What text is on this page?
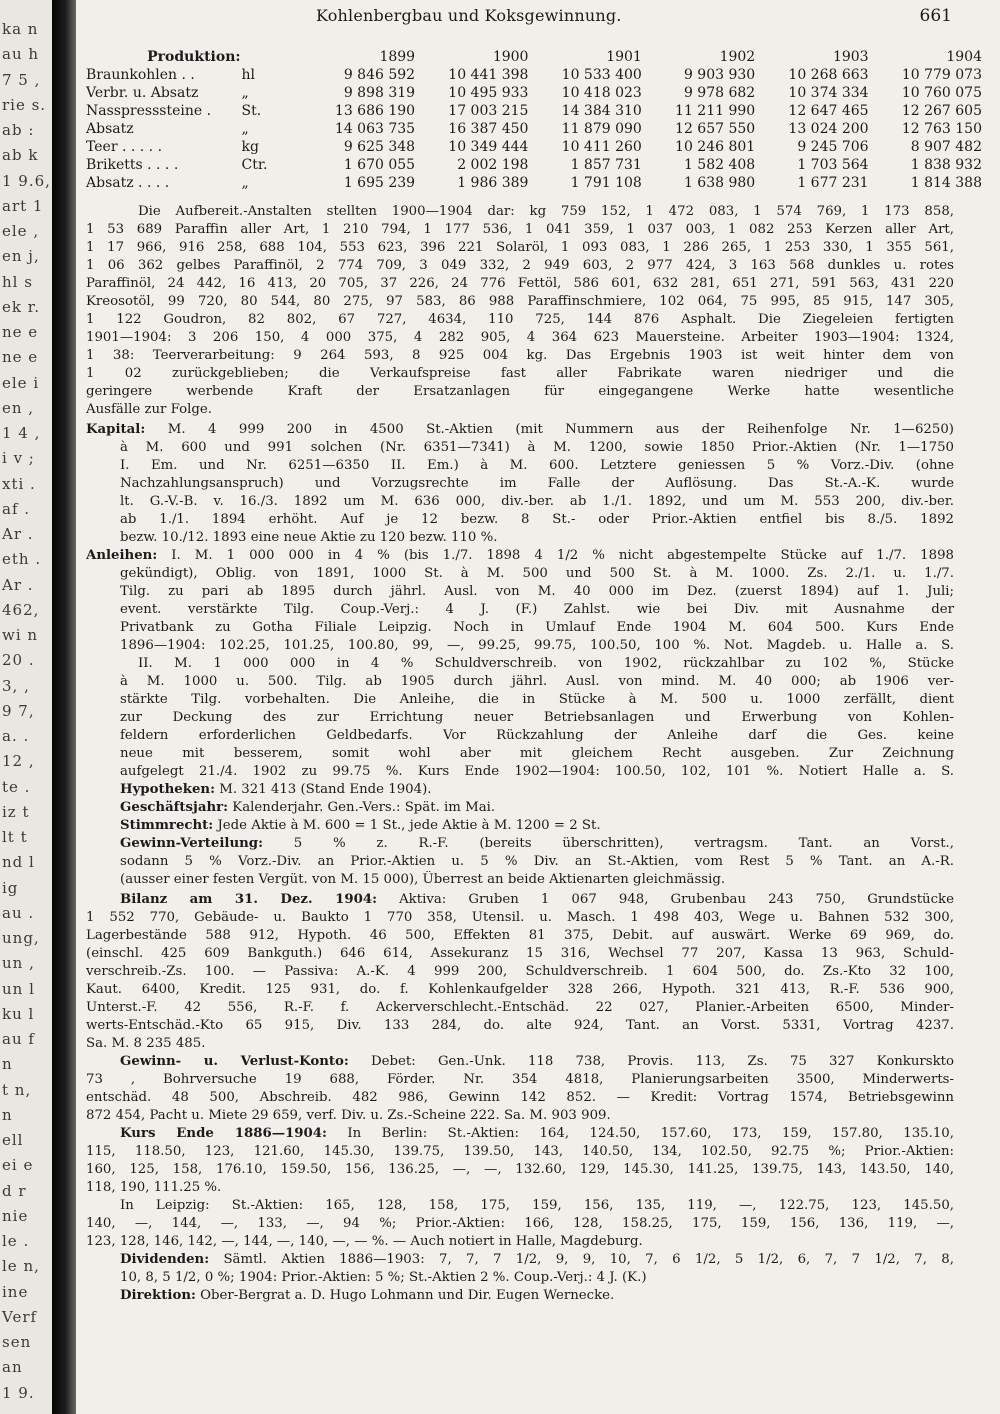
ka n
au h
7 5 ,
rie s.
ab :
ab k
1 9.6,
art 1
ele ,
en j,
hl s
ek r.
ne e
ne e
ele i
en ,
1 4 ,
i v ;
xti .
af .
Ar .
eth .
Ar .
462,
wi n
20 .
3, ,
9 7,
a. .
12 ,
te .
iz t
lt t
nd l
ig
au .
ung,
un ,
un l
ku l
au f
n
t n,
n
ell
ei e
d r
nie
le .
le n,
ine
Verf
sen
an
1 9.
Kohlenbergbau und Koksgewinnung.	661
Produktion:		1899	1900	1901	1902	1903	1904
Braunkohlen . .	hl	9 846 592	10 441 398	10 533 400	9 903 930	10 268 663	10 779 073
Verbr. u. Absatz	„	9 898 319	10 495 933	10 418 023	9 978 682	10 374 334	10 760 075
Nasspresssteine .	St.	13 686 190	17 003 215	14 384 310	11 211 990	12 647 465	12 267 605
Absatz	„	14 063 735	16 387 450	11 879 090	12 657 550	13 024 200	12 763 150
Teer . . . . .	kg	9 625 348	10 349 444	10 411 260	10 246 801	9 245 706	8 907 482
Briketts . . . .	Ctr.	1 670 055	2 002 198	1 857 731	1 582 408	1 703 564	1 838 932
Absatz . . . .	„	1 695 239	1 986 389	1 791 108	1 638 980	1 677 231	1 814 388
Die Aufbereit.-Anstalten stellten 1900—1904 dar: kg 759 152, 1 472 083, 1 574 769, 1 173 858,
1 53 689 Paraffin aller Art, 1 210 794, 1 177 536, 1 041 359, 1 037 003, 1 082 253 Kerzen aller Art,
1 17 966, 916 258, 688 104, 553 623, 396 221 Solaröl, 1 093 083, 1 286 265, 1 253 330, 1 355 561,
1 06 362 gelbes Paraffinöl, 2 774 709, 3 049 332, 2 949 603, 2 977 424, 3 163 568 dunkles u. rotes
Paraffinöl, 24 442, 16 413, 20 705, 37 226, 24 776 Fettöl, 586 601, 632 281, 651 271, 591 563, 431 220
Kreosotöl, 99 720, 80 544, 80 275, 97 583, 86 988 Paraffinschmiere, 102 064, 75 995, 85 915, 147 305,
1 122 Goudron, 82 802, 67 727, 4634, 110 725, 144 876 Asphalt. Die Ziegeleien fertigten
1901—1904: 3 206 150, 4 000 375, 4 282 905, 4 364 623 Mauersteine. Arbeiter 1903—1904: 1324,
1 38: Teerverarbeitung: 9 264 593, 8 925 004 kg. Das Ergebnis 1903 ist weit hinter dem von
1 02 zurückgeblieben; die Verkaufspreise fast aller Fabrikate waren niedriger und die
geringere werbende Kraft der Ersatzanlagen für eingegangene Werke hatte wesentliche
Ausfälle zur Folge.
Kapital: M. 4 999 200 in 4500 St.-Aktien (mit Nummern aus der Reihenfolge Nr. 1—6250)
à M. 600 und 991 solchen (Nr. 6351—7341) à M. 1200, sowie 1850 Prior.-Aktien (Nr. 1—1750
I. Em. und Nr. 6251—6350 II. Em.) à M. 600. Letztere geniessen 5 % Vorz.-Div. (ohne
Nachzahlungsanspruch) und Vorzugsrechte im Falle der Auflösung. Das St.-A.-K. wurde
lt. G.-V.-B. v. 16./3. 1892 um M. 636 000, div.-ber. ab 1./1. 1892, und um M. 553 200, div.-ber.
ab 1./1. 1894 erhöht. Auf je 12 bezw. 8 St.- oder Prior.-Aktien entfiel bis 8./5. 1892
bezw. 10./12. 1893 eine neue Aktie zu 120 bezw. 110 %.
Anleihen: I. M. 1 000 000 in 4 % (bis 1./7. 1898 4 1/2 % nicht abgestempelte Stücke auf 1./7. 1898
gekündigt), Oblig. von 1891, 1000 St. à M. 500 und 500 St. à M. 1000. Zs. 2./1. u. 1./7.
Tilg. zu pari ab 1895 durch jährl. Ausl. von M. 40 000 im Dez. (zuerst 1894) auf 1. Juli;
event. verstärkte Tilg. Coup.-Verj.: 4 J. (F.) Zahlst. wie bei Div. mit Ausnahme der
Privatbank zu Gotha Filiale Leipzig. Noch in Umlauf Ende 1904 M. 604 500. Kurs Ende
1896—1904: 102.25, 101.25, 100.80, 99, —, 99.25, 99.75, 100.50, 100 %. Not. Magdeb. u. Halle a. S.
II. M. 1 000 000 in 4 % Schuldverschreib. von 1902, rückzahlbar zu 102 %, Stücke
à M. 1000 u. 500. Tilg. ab 1905 durch jährl. Ausl. von mind. M. 40 000; ab 1906 ver-
stärkte Tilg. vorbehalten. Die Anleihe, die in Stücke à M. 500 u. 1000 zerfällt, dient
zur Deckung des zur Errichtung neuer Betriebsanlagen und Erwerbung von Kohlen-
feldern erforderlichen Geldbedarfs. Vor Rückzahlung der Anleihe darf die Ges. keine
neue mit besserem, somit wohl aber mit gleichem Recht ausgeben. Zur Zeichnung
aufgelegt 21./4. 1902 zu 99.75 %. Kurs Ende 1902—1904: 100.50, 102, 101 %. Notiert Halle a. S.
Hypotheken: M. 321 413 (Stand Ende 1904).
Geschäftsjahr: Kalenderjahr. Gen.-Vers.: Spät. im Mai.
Stimmrecht: Jede Aktie à M. 600 = 1 St., jede Aktie à M. 1200 = 2 St.
Gewinn-Verteilung: 5 % z. R.-F. (bereits überschritten), vertragsm. Tant. an Vorst.,
sodann 5 % Vorz.-Div. an Prior.-Aktien u. 5 % Div. an St.-Aktien, vom Rest 5 % Tant. an A.-R.
(ausser einer festen Vergüt. von M. 15 000), Überrest an beide Aktienarten gleichmässig.
Bilanz am 31. Dez. 1904: Aktiva: Gruben 1 067 948, Grubenbau 243 750, Grundstücke
1 552 770, Gebäude- u. Baukto 1 770 358, Utensil. u. Masch. 1 498 403, Wege u. Bahnen 532 300,
Lagerbestände 588 912, Hypoth. 46 500, Effekten 81 375, Debit. auf auswärt. Werke 69 969, do.
(einschl. 425 609 Bankguth.) 646 614, Assekuranz 15 316, Wechsel 77 207, Kassa 13 963, Schuld-
verschreib.-Zs. 100. — Passiva: A.-K. 4 999 200, Schuldverschreib. 1 604 500, do. Zs.-Kto 32 100,
Kaut. 6400, Kredit. 125 931, do. f. Kohlenkaufgelder 328 266, Hypoth. 321 413, R.-F. 536 900,
Unterst.-F. 42 556, R.-F. f. Ackerverschlecht.-Entschäd. 22 027, Planier.-Arbeiten 6500, Minder-
werts-Entschäd.-Kto 65 915, Div. 133 284, do. alte 924, Tant. an Vorst. 5331, Vortrag 4237.
Sa. M. 8 235 485.
Gewinn- u. Verlust-Konto: Debet: Gen.-Unk. 118 738, Provis. 113, Zs. 75 327 Konkurskto
73 , Bohrversuche 19 688, Förder. Nr. 354 4818, Planierungsarbeiten 3500, Minderwerts-
entschäd. 48 500, Abschreib. 482 986, Gewinn 142 852. — Kredit: Vortrag 1574, Betriebsgewinn
872 454, Pacht u. Miete 29 659, verf. Div. u. Zs.-Scheine 222. Sa. M. 903 909.
Kurs Ende 1886—1904: In Berlin: St.-Aktien: 164, 124.50, 157.60, 173, 159, 157.80, 135.10,
115, 118.50, 123, 121.60, 145.30, 139.75, 139.50, 143, 140.50, 134, 102.50, 92.75 %; Prior.-Aktien:
160, 125, 158, 176.10, 159.50, 156, 136.25, —, —, 132.60, 129, 145.30, 141.25, 139.75, 143, 143.50, 140,
118, 190, 111.25 %.
In Leipzig: St.-Aktien: 165, 128, 158, 175, 159, 156, 135, 119, —, 122.75, 123, 145.50,
140, —, 144, —, 133, —, 94 %; Prior.-Aktien: 166, 128, 158.25, 175, 159, 156, 136, 119, —,
123, 128, 146, 142, —, 144, —, 140, —, — %. — Auch notiert in Halle, Magdeburg.
Dividenden: Sämtl. Aktien 1886—1903: 7, 7, 7 1/2, 9, 9, 10, 7, 6 1/2, 5 1/2, 6, 7, 7 1/2, 7, 8,
10, 8, 5 1/2, 0 %; 1904: Prior.-Aktien: 5 %; St.-Aktien 2 %. Coup.-Verj.: 4 J. (K.)
Direktion: Ober-Bergrat a. D. Hugo Lohmann und Dir. Eugen Wernecke.
